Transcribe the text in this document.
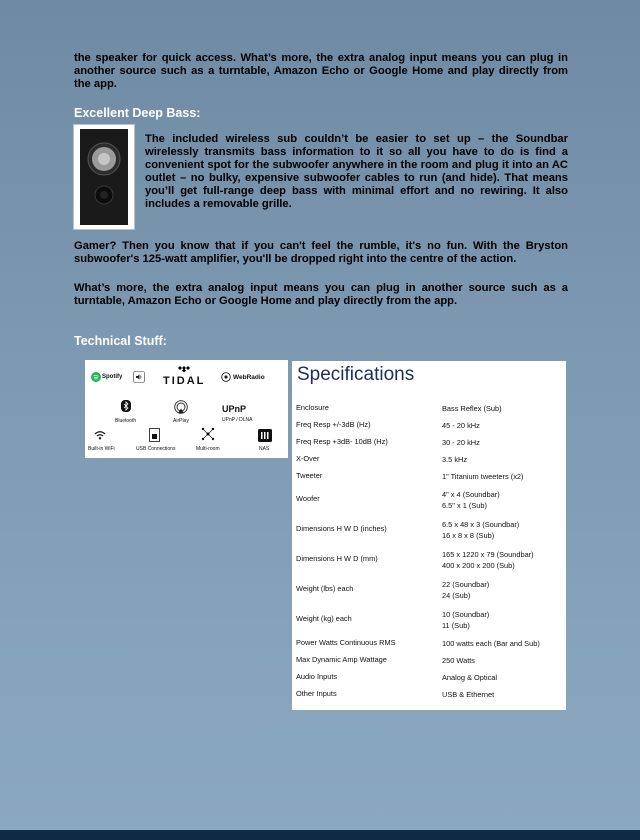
the speaker for quick access. What’s more, the extra analog input means you can plug in another source such as a turntable, Amazon Echo or Google Home and play directly from the app.

Excellent Deep Bass:

The included wireless sub couldn’t be easier to set up – the Soundbar wirelessly transmits bass information to it so all you have to do is find a convenient spot for the subwoofer anywhere in the room and plug it into an AC outlet – no bulky, expensive subwoofer cables to run (and hide). That means you’ll get full-range deep bass with minimal effort and no rewiring. It also includes a removable grille.

Gamer? Then you know that if you can't feel the rumble, it's no fun. With the Bryston subwoofer's 125-watt amplifier, you'll be dropped right into the centre of the action.

What’s more, the extra analog input means you can plug in another source such as a turntable, Amazon Echo or Google Home and play directly from the app.

Technical Stuff:

Spotify	TIDAL	WebRadio
Bluetooth	AirPlay
UPnP
UPnP / DLNA
Built-in WiFi	USB Connections	Multi-room	NAS
Specifications
Enclosure	Bass Reflex (Sub)
Freq Resp +/-3dB (Hz)	45 - 20 kHz
Freq Resp +3dB- 10dB (Hz)	30 - 20 kHz
X-Over	3.5 kHz
Tweeter	1" Titanium tweeters (x2)
Woofer	4" x 4 (Soundbar)
6.5" x 1 (Sub)
Dimensions H W D (inches)	6.5 x 48 x 3 (Soundbar)
16 x 8 x 8 (Sub)
Dimensions H W D (mm)	165 x 1220 x 79 (Soundbar)
400 x 200 x 200 (Sub)
Weight (lbs) each	22 (Soundbar)
24 (Sub)
Weight (kg) each	10 (Soundbar)
11 (Sub)
Power Watts Continuous RMS	100 watts each (Bar and Sub)
Max Dynamic Amp Wattage	250 Watts
Audio Inputs	Analog & Optical
Other Inputs	USB & Ethernet
